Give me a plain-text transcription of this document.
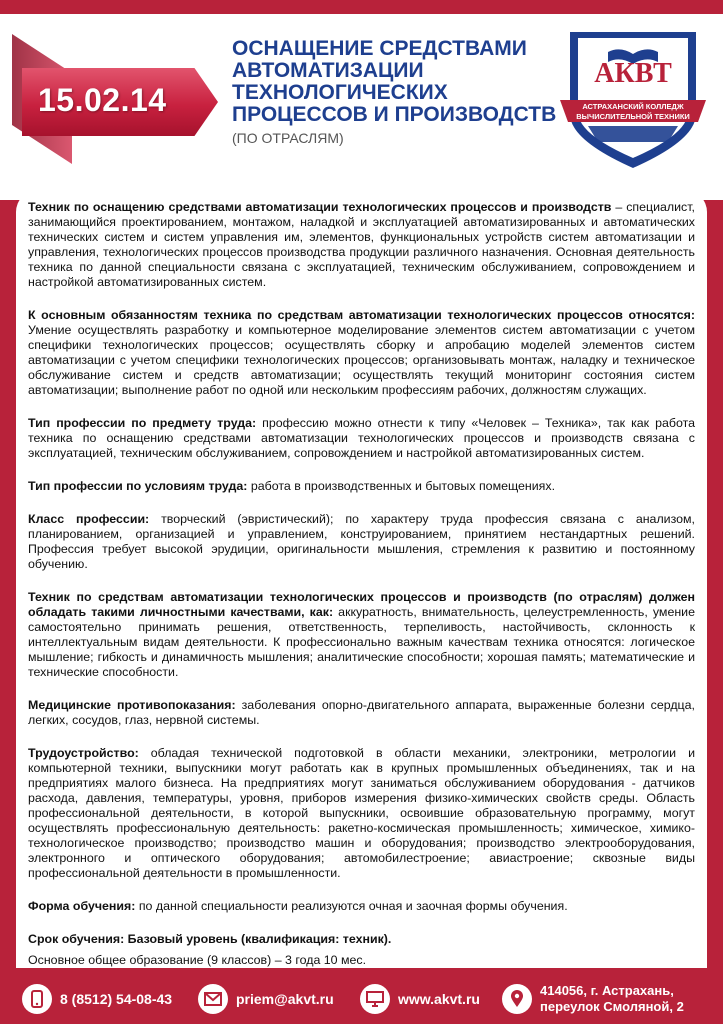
15.02.14
ОСНАЩЕНИЕ СРЕДСТВАМИ АВТОМАТИЗАЦИИ ТЕХНОЛОГИЧЕСКИХ ПРОЦЕССОВ И ПРОИЗВОДСТВ (ПО ОТРАСЛЯМ)
АКВТ
АСТРАХАНСКИЙ КОЛЛЕДЖ
ВЫЧИСЛИТЕЛЬНОЙ ТЕХНИКИ

Техник по оснащению средствами автоматизации технологических процессов и производств – специалист, занимающийся проектированием, монтажом, наладкой и эксплуатацией автоматизированных и автоматических технических систем и систем управления им, элементов, функциональных устройств систем автоматизации и управления, технологических процессов производства продукции различного назначения. Основная деятельность техника по данной специальности связана с эксплуатацией, техническим обслуживанием, сопровождением и настройкой автоматизированных систем.

К основным обязанностям техника по средствам автоматизации технологических процессов относятся: Умение осуществлять разработку и компьютерное моделирование элементов систем автоматизации с учетом специфики технологических процессов; осуществлять сборку и апробацию моделей элементов систем автоматизации с учетом специфики технологических процессов; организовывать монтаж, наладку и техническое обслуживание систем и средств автоматизации; осуществлять текущий мониторинг состояния систем автоматизации; выполнение работ по одной или нескольким профессиям рабочих, должностям служащих.

Тип профессии по предмету труда: профессию можно отнести к типу «Человек – Техника», так как работа техника по оснащению средствами автоматизации технологических процессов и производств связана с эксплуатацией, техническим обслуживанием, сопровождением и настройкой автоматизированных систем.

Тип профессии по условиям труда: работа в производственных и бытовых помещениях.

Класс профессии: творческий (эвристический); по характеру труда профессия связана с анализом, планированием, организацией и управлением, конструированием, принятием нестандартных решений. Профессия требует высокой эрудиции, оригинальности мышления, стремления к развитию и постоянному обучению.

Техник по средствам автоматизации технологических процессов и производств (по отраслям) должен обладать такими личностными качествами, как: аккуратность, внимательность, целеустремленность, умение самостоятельно принимать решения, ответственность, терпеливость, настойчивость, склонность к интеллектуальным видам деятельности. К профессионально важным качествам техника относятся: логическое мышление; гибкость и динамичность мышления; аналитические способности; хорошая память; математические и технические способности.

Медицинские противопоказания: заболевания опорно-двигательного аппарата, выраженные болезни сердца, легких, сосудов, глаз, нервной системы.

Трудоустройство: обладая технической подготовкой в области механики, электроники, метрологии и компьютерной техники, выпускники могут работать как в крупных промышленных объединениях, так и на предприятиях малого бизнеса. На предприятиях могут заниматься обслуживанием оборудования - датчиков расхода, давления, температуры, уровня, приборов измерения физико-химических свойств среды. Область профессиональной деятельности, в которой выпускники, освоившие образовательную программу, могут осуществлять профессиональную деятельность: ракетно-космическая промышленность; химическое, химико-технологическое производство; производство машин и оборудования; производство электрооборудования, электронного и оптического оборудования; автомобилестроение; авиастроение; сквозные виды профессиональной деятельности в промышленности.

Форма обучения: по данной специальности реализуются очная и заочная формы обучения.

Срок обучения: Базовый уровень (квалификация: техник).

Основное общее образование (9 классов) – 3 года 10 мес.
8 (8512) 54-08-43	priem@akvt.ru	www.akvt.ru
414056, г. Астрахань,
переулок Смоляной, 2
